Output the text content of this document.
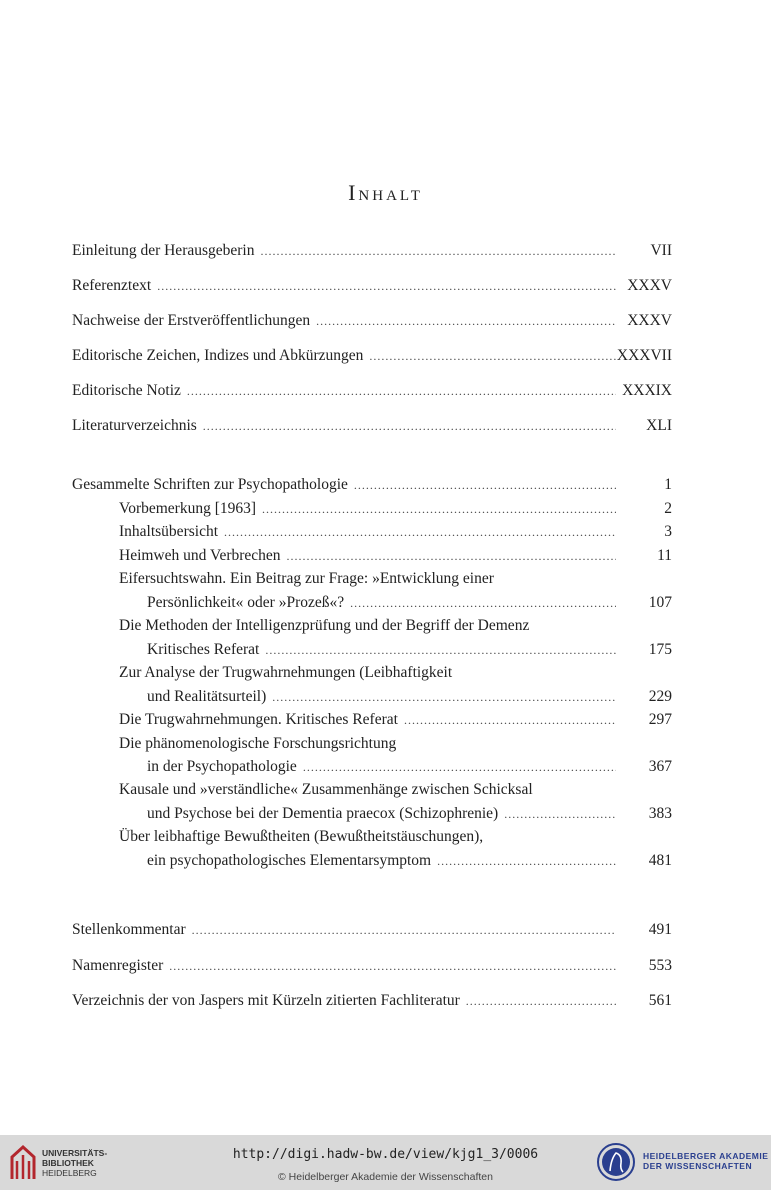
Inhalt
Einleitung der Herausgeberin .....	VII
Referenztext .....	XXXV
Nachweise der Erstveröffentlichungen .....	XXXV
Editorische Zeichen, Indizes und Abkürzungen .....	XXXVII
Editorische Notiz .....	XXXIX
Literaturverzeichnis .....	XLI
Gesammelte Schriften zur Psychopathologie .....	1
Vorbemerkung [1963] .....	2
Inhaltsübersicht .....	3
Heimweh und Verbrechen .....	11
Eifersuchtswahn. Ein Beitrag zur Frage: »Entwicklung einer
Persönlichkeit« oder »Prozeß«? .....	107
Die Methoden der Intelligenzprüfung und der Begriff der Demenz
Kritisches Referat .....	175
Zur Analyse der Trugwahrnehmungen (Leibhaftigkeit
und Realitätsurteil) .....	229
Die Trugwahrnehmungen. Kritisches Referat .....	297
Die phänomenologische Forschungsrichtung
in der Psychopathologie .....	367
Kausale und »verständliche« Zusammenhänge zwischen Schicksal
und Psychose bei der Dementia praecox (Schizophrenie) .....	383
Über leibhaftige Bewußtheiten (Bewußtheitstäuschungen),
ein psychopathologisches Elementarsymptom .....	481
Stellenkommentar .....	491
Namenregister .....	553
Verzeichnis der von Jaspers mit Kürzeln zitierten Fachliteratur .....	561
UNIVERSITÄTS-
BIBLIOTHEK
HEIDELBERG
http://digi.hadw-bw.de/view/kjg1_3/0006
© Heidelberger Akademie der Wissenschaften
HEIDELBERGER AKADEMIE
DER WISSENSCHAFTEN
